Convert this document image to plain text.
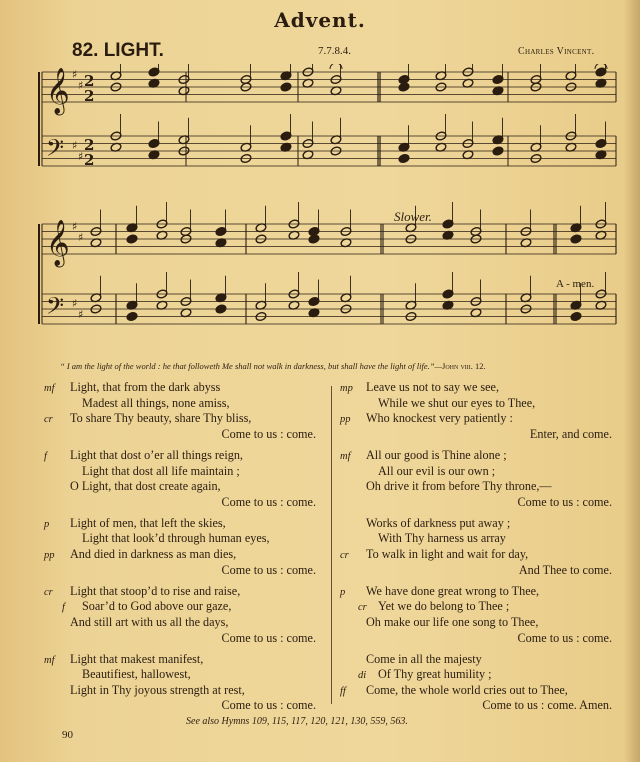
Advent.
82. LIGHT.	7.7.8.4.	Charles Vincent.
𝄞 ♯
♯
𝄢 ♯
♯
𝄞 ♯
♯
𝄢 ♯
♯
2
2
2
2
Slower.
A - men.
“ I am the light of the world : he that followeth Me shall not walk in darkness, but shall have the light of life.”—John viii. 12.
mf Light, that from the dark abyss
Madest all things, none amiss,
cr To share Thy beauty, share Thy bliss,
Come to us : come.
f Light that dost o’er all things reign,
Light that dost all life maintain ;
O Light, that dost create again,
Come to us : come.
p Light of men, that left the skies,
Light that look’d through human eyes,
pp And died in darkness as man dies,
Come to us : come.
cr Light that stoop’d to rise and raise,
f Soar’d to God above our gaze,
And still art with us all the days,
Come to us : come.
mf Light that makest manifest,
Beautifiest, hallowest,
Light in Thy joyous strength at rest,
Come to us : come.
mp Leave us not to say we see,
While we shut our eyes to Thee,
pp Who knockest very patiently :
Enter, and come.
mf All our good is Thine alone ;
All our evil is our own ;
Oh drive it from before Thy throne,—
Come to us : come.
Works of darkness put away ;
With Thy harness us array
cr To walk in light and wait for day,
And Thee to come.
p We have done great wrong to Thee,
cr Yet we do belong to Thee ;
Oh make our life one song to Thee,
Come to us : come.
Come in all the majesty
di Of Thy great humility ;
ff Come, the whole world cries out to Thee,
Come to us : come. Amen.
See also Hymns 109, 115, 117, 120, 121, 130, 559, 563.
90
